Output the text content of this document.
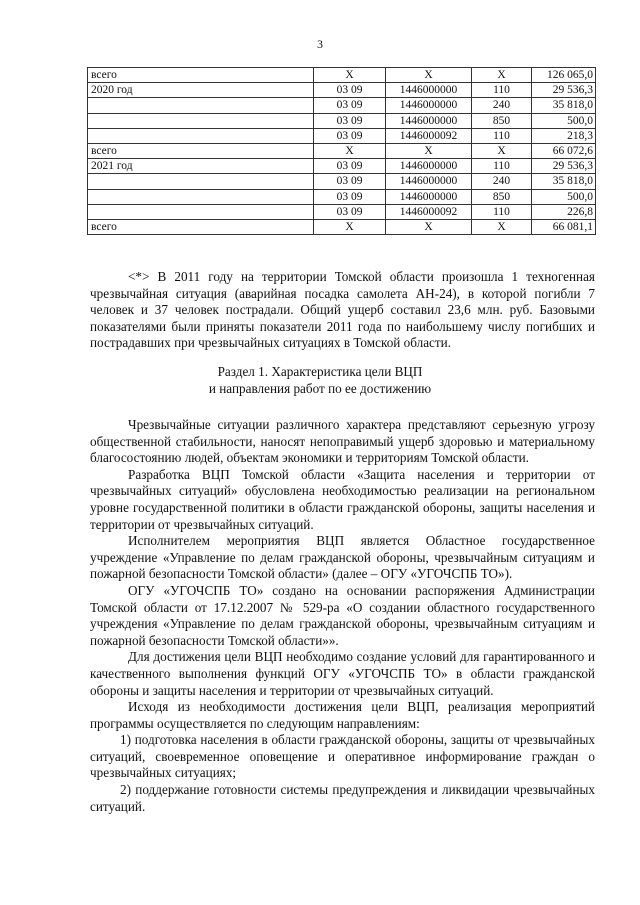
3
всего	X	X	X	126 065,0
2020 год	03 09	1446000000	110	29 536,3
	03 09	1446000000	240	35 818,0
	03 09	1446000000	850	500,0
	03 09	1446000092	110	218,3
всего	X	X	X	66 072,6
2021 год	03 09	1446000000	110	29 536,3
	03 09	1446000000	240	35 818,0
	03 09	1446000000	850	500,0
	03 09	1446000092	110	226,8
всего	X	X	X	66 081,1

<*> В 2011 году на территории Томской области произошла 1 техногенная чрезвычайная ситуация (аварийная посадка самолета АН-24), в которой погибли 7 человек и 37 человек пострадали. Общий ущерб составил 23,6 млн. руб. Базовыми показателями были приняты показатели 2011 года по наибольшему числу погибших и пострадавших при чрезвычайных ситуациях в Томской области.

Раздел 1. Характеристика цели ВЦП
и направления работ по ее достижению

Чрезвычайные ситуации различного характера представляют серьезную угрозу общественной стабильности, наносят непоправимый ущерб здоровью и материальному благосостоянию людей, объектам экономики и территориям Томской области.

Разработка ВЦП Томской области «Защита населения и территории от чрезвычайных ситуаций» обусловлена необходимостью реализации на региональном уровне государственной политики в области гражданской обороны, защиты населения и территории от чрезвычайных ситуаций.

Исполнителем мероприятия ВЦП является Областное государственное учреждение «Управление по делам гражданской обороны, чрезвычайным ситуациям и пожарной безопасности Томской области» (далее – ОГУ «УГОЧСПБ ТО»).

ОГУ «УГОЧСПБ ТО» создано на основании распоряжения Администрации Томской области от 17.12.2007 № 529-ра «О создании областного государственного учреждения «Управление по делам гражданской обороны, чрезвычайным ситуациям и пожарной безопасности Томской области»».

Для достижения цели ВЦП необходимо создание условий для гарантированного и качественного выполнения функций ОГУ «УГОЧСПБ ТО» в области гражданской обороны и защиты населения и территории от чрезвычайных ситуаций.

Исходя из необходимости достижения цели ВЦП, реализация мероприятий программы осуществляется по следующим направлениям:

1) подготовка населения в области гражданской обороны, защиты от чрезвычайных ситуаций, своевременное оповещение и оперативное информирование граждан о чрезвычайных ситуациях;

2) поддержание готовности системы предупреждения и ликвидации чрезвычайных ситуаций.
